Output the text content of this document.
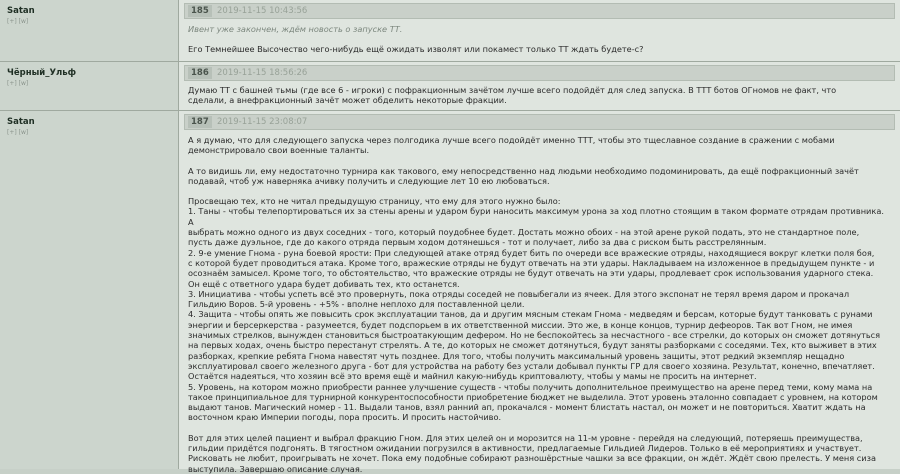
Satan
[+] [w]
185 2019-11-15 10:43:56

Ивент уже закончен, ждём новость о запуске ТТ.

Его Темнейшее Высочество чего-нибудь ещё ожидать изволят или покамест только ТТ ждать будете-с?

Чёрный_Ульф
[+] [w]
186 2019-11-15 18:56:26

Думаю ТТ с башней тьмы (где все 6 - игроки) с пофракционным зачётом лучше всего подойдёт для след запуска. В ТТТ ботов ОГномов не факт, что

сделали, а внефракционный зачёт может обделить некоторые фракции.

Satan
[+] [w]
187 2019-11-15 23:08:07

А я думаю, что для следующего запуска через полгодика лучше всего подойдёт именно ТТТ, чтобы это тщеславное создание в сражении с мобами

демонстрировало свои военные таланты.

А то видишь ли, ему недостаточно турнира как такового, ему непосредственно над людьми необходимо подоминировать, да ещё пофракционный зачёт

подавай, чтоб уж наверняка ачивку получить и следующие лет 10 ею любоваться.

Просвещаю тех, кто не читал предыдущую страницу, что ему для этого нужно было:

1. Таны - чтобы телепортироваться их за стены арены и ударом бури наносить максимум урона за ход плотно стоящим в таком формате отрядам противника. А

выбрать можно одного из двух соседних - того, который поудобнее будет. Достать можно обоих - на этой арене рукой подать, это не стандартное поле,

пусть даже дуэльное, где до какого отряда первым ходом дотянешься - тот и получает, либо за два с риском быть расстрелянным.

2. 9-е умение Гнома - руна боевой ярости: При следующей атаке отряд будет бить по очереди все вражеские отряды, находящиеся вокруг клетки поля боя,

с которой будет проводиться атака. Кроме того, вражеские отряды не будут отвечать на эти удары. Накладываем на изложенное в предыдущем пункте - и

осознаём замысел. Кроме того, то обстоятельство, что вражеские отряды не будут отвечать на эти удары, продлевает срок использования ударного стека.

Он ещё с ответного удара будет добивать тех, кто останется.

3. Инициатива - чтобы успеть всё это провернуть, пока отряды соседей не повыбегали из ячеек. Для этого экспонат не терял время даром и прокачал

Гильдию Воров. 5-й уровень - +5% - вполне неплохо для поставленной цели.

4. Защита - чтобы опять же повысить срок эксплуатации танов, да и другим мясным стекам Гнома - медведям и берсам, которые будут танковать с рунами

энергии и берсеркерства - разумеется, будет подспорьем в их ответственной миссии. Это же, в конце концов, турнир дефеоров. Так вот Гном, не имея

значимых стрелков, вынужден становиться быстроатакующим дефером. Но не беспокойтесь за несчастного - все стрелки, до которых он сможет дотянуться

на первых ходах, очень быстро перестанут стрелять. А те, до которых не сможет дотянуться, будут заняты разборками с соседями. Тех, кто выживет в этих

разборках, крепкие ребята Гнома навестят чуть позднее. Для того, чтобы получить максимальный уровень защиты, этот редкий экземпляр нещадно

эксплуатировал своего железного друга - бот для устройства на работу без устали добывал пункты ГР для своего хозяина. Результат, конечно, впечатляет.

Остаётся надеяться, что хозяин всё это время ещё и майнил какую-нибудь криптовалюту, чтобы у мамы не просить на интернет.

5. Уровень, на котором можно приобрести раннее улучшение существ - чтобы получить дополнительное преимущество на арене перед теми, кому мама на

такое принципиальное для турнирной конкурентоспособности приобретение бюджет не выделила. Этот уровень эталонно совпадает с уровнем, на котором

выдают танов. Магический номер - 11. Выдали танов, взял ранний ап, прокачался - момент блистать настал, он может и не повториться. Хватит ждать на

восточном краю Империи погоды, пора просить. И просить настойчиво.

Вот для этих целей пациент и выбрал фракцию Гном. Для этих целей он и морозится на 11-м уровне - перейдя на следующий, потеряешь преимущества,

гильдии придётся подгонять. В тягостном ожидании погрузился в активности, предлагаемые Гильдией Лидеров. Только в её мероприятиях и участвует.

Рисковать не любит, проигрывать не хочет. Пока ему подобные собирают разношёрстные чашки за все фракции, он ждёт. Ждёт свою прелесть. У меня сиза

выступила. Завершаю описание случая.
